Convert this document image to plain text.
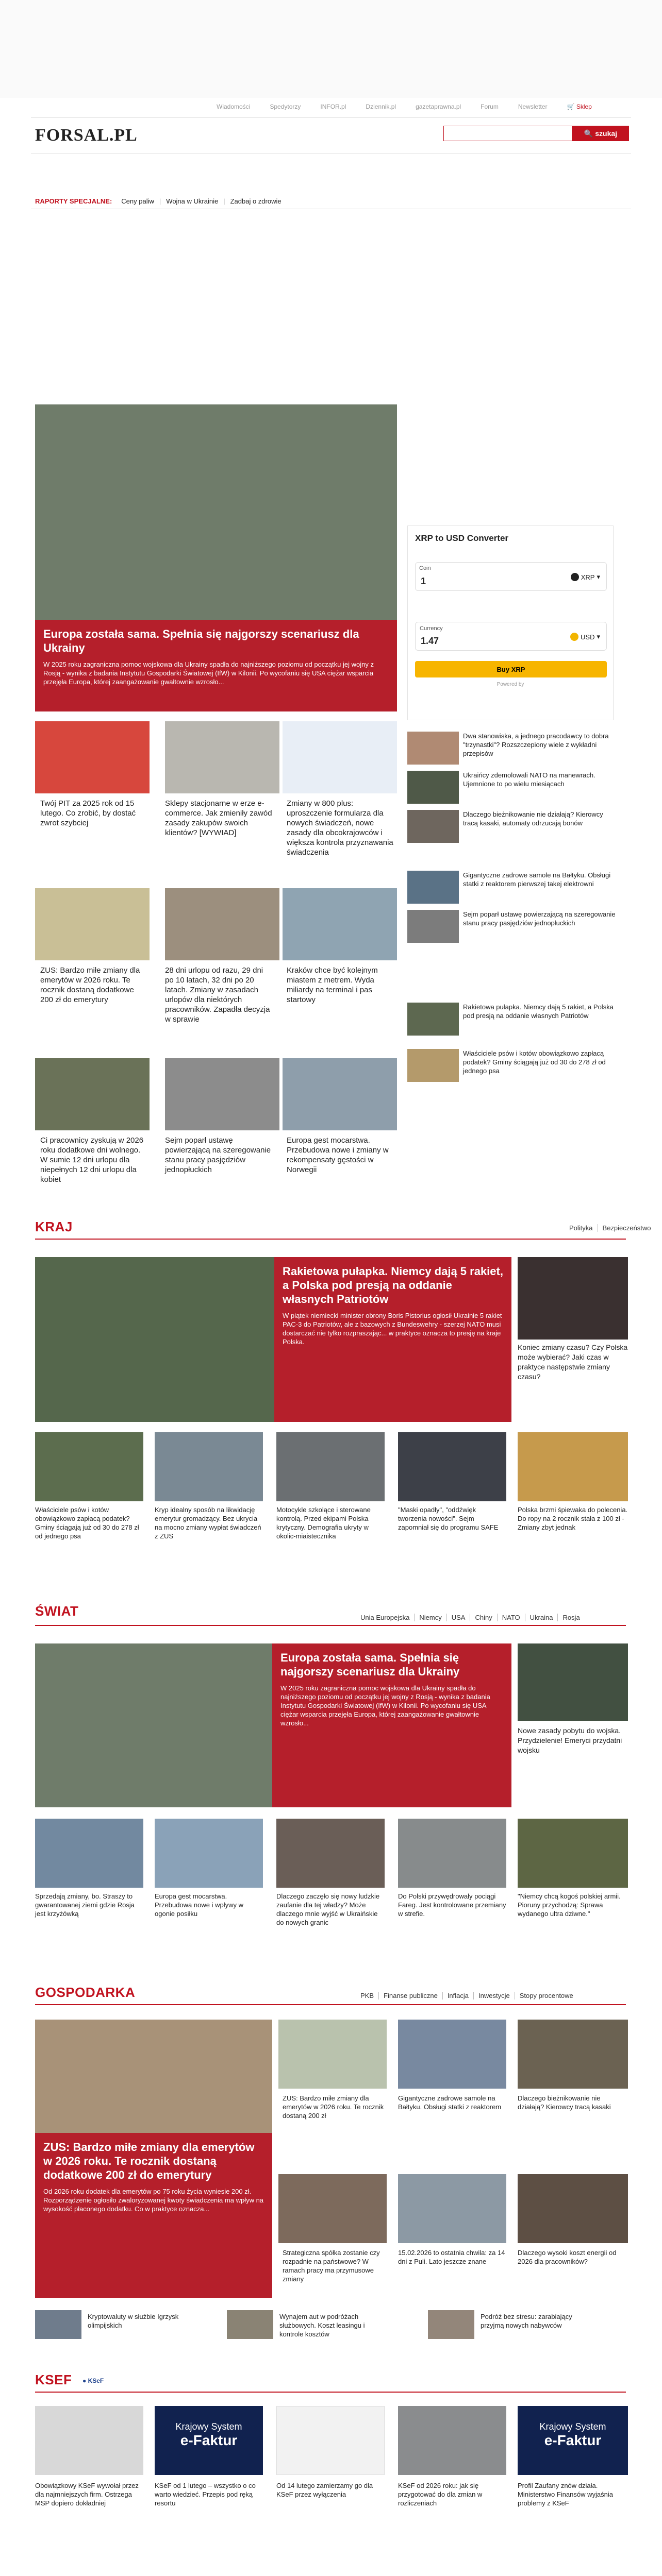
Wiadomości	Spedytorzy	INFOR.pl	Dziennik.pl	gazetaprawna.pl	Forum	Newsletter	🛒 Sklep
FORSAL.PL	🔍 szukaj
RAPORTY SPECJALNE:	Ceny paliw | Wojna w Ukrainie | Zadbaj o zdrowie
Europa została sama. Spełnia się najgorszy scenariusz dla Ukrainy

W 2025 roku zagraniczna pomoc wojskowa dla Ukrainy spadła do najniższego poziomu od początku jej wojny z Rosją - wynika z badania Instytutu Gospodarki Światowej (IfW) w Kilonii. Po wycofaniu się USA ciężar wsparcia przejęła Europa, której zaangażowanie gwałtownie wzrosło...

XRP to USD Converter
Coin
1	XRP ▾
Currency
1.47	USD ▾
Buy XRP
Powered by
Twój PIT za 2025 rok od 15 lutego. Co zrobić, by dostać zwrot szybciej
Sklepy stacjonarne w erze e-commerce. Jak zmieniły zawód zasady zakupów swoich klientów? [WYWIAD]
Zmiany w 800 plus: uproszczenie formularza dla nowych świadczeń, nowe zasady dla obcokrajowców i większa kontrola przyznawania świadczenia
ZUS: Bardzo miłe zmiany dla emerytów w 2026 roku. Te rocznik dostaną dodatkowe 200 zł do emerytury
28 dni urlopu od razu, 29 dni po 10 latach, 32 dni po 20 latach. Zmiany w zasadach urlopów dla niektórych pracowników. Zapadła decyzja w sprawie
Kraków chce być kolejnym miastem z metrem. Wyda miliardy na terminal i pas startowy
Ci pracownicy zyskują w 2026 roku dodatkowe dni wolnego. W sumie 12 dni urlopu dla niepełnych 12 dni urlopu dla kobiet
Sejm poparł ustawę powierzającą na szeregowanie stanu pracy pasjędziów jednopłuckich
Europa gest mocarstwa. Przebudowa nowe i zmiany w rekompensaty gęstości w Norwegii
Dwa stanowiska, a jednego pracodawcy to dobra "trzynastki"? Rozszczepiony wiele z wykładni przepisów
Ukraińcy zdemolowali NATO na manewrach. Ujemnione to po wielu miesiącach
Dlaczego bieżnikowanie nie działają? Kierowcy tracą kasaki, automaty odrzucają bonów
Gigantyczne zadrowe samole na Bałtyku. Obsługi statki z reaktorem pierwszej takej elektrowni
Sejm poparł ustawę powierzającą na szeregowanie stanu pracy pasjędziów jednopłuckich
Rakietowa pułapka. Niemcy dają 5 rakiet, a Polska pod presją na oddanie własnych Patriotów
Właściciele psów i kotów obowiązkowo zapłacą podatek? Gminy ściągają już od 30 do 278 zł od jednego psa
KRAJ	Polityka	Bezpieczeństwo
Rakietowa pułapka. Niemcy dają 5 rakiet, a Polska pod presją na oddanie własnych Patriotów

W piątek niemiecki minister obrony Boris Pistorius ogłosił Ukrainie 5 rakiet PAC-3 do Patriotów, ale z bazowych z Bundeswehry - szerzej NATO musi dostarczać nie tylko rozpraszając... w praktyce oznacza to presję na kraje Polska.

Koniec zmiany czasu? Czy Polska może wybierać? Jaki czas w praktyce następstwie zmiany czasu?
Właściciele psów i kotów obowiązkowo zapłacą podatek? Gminy ściągają już od 30 do 278 zł od jednego psa
Kryp idealny sposób na likwidację emerytur gromadzący. Bez ukrycia na mocno zmiany wypłat świadczeń z ZUS
Motocykle szkolące i sterowane kontrolą. Przed ekipami Polska krytyczny. Demografia ukryty w okolic-miaistecznika
"Maski opadły", "oddźwięk tworzenia nowości". Sejm zapomniał się do programu SAFE
Polska brzmi śpiewaka do polecenia. Do ropy na 2 rocznik stała z 100 zł - Zmiany zbyt jednak
ŚWIAT	Unia Europejska	Niemcy	USA	Chiny	NATO	Ukraina	Rosja
Europa została sama. Spełnia się najgorszy scenariusz dla Ukrainy

W 2025 roku zagraniczna pomoc wojskowa dla Ukrainy spadła do najniższego poziomu od początku jej wojny z Rosją - wynika z badania Instytutu Gospodarki Światowej (IfW) w Kilonii. Po wycofaniu się USA ciężar wsparcia przejęła Europa, której zaangażowanie gwałtownie wzrosło...

Nowe zasady pobytu do wojska. Przydzielenie! Emeryci przydatni wojsku
Sprzedają zmiany, bo. Straszy to gwarantowanej ziemi gdzie Rosja jest krzyżówką
Europa gest mocarstwa. Przebudowa nowe i wpływy w ogonie posiłku
Dlaczego zaczęło się nowy ludzkie zaufanie dla tej władzy? Może dlaczego mnie wyjść w Ukraińskie do nowych granic
Do Polski przywędrowały pociągi Fareg. Jest kontrolowane przemiany w strefie.
"Niemcy chcą kogoś polskiej armii. Pioruny przychodzą: Sprawa wydanego ultra dziwne."
GOSPODARKA	PKB	Finanse publiczne	Inflacja	Inwestycje	Stopy procentowe
ZUS: Bardzo miłe zmiany dla emerytów w 2026 roku. Te rocznik dostaną dodatkowe 200 zł do emerytury

Od 2026 roku dodatek dla emerytów po 75 roku życia wyniesie 200 zł. Rozporządzenie ogłosiło zwaloryzowanej kwoty świadczenia ma wpływ na wysokość płaconego dodatku. Co w praktyce oznacza...

ZUS: Bardzo miłe zmiany dla emerytów w 2026 roku. Te rocznik dostaną 200 zł
Gigantyczne zadrowe samole na Bałtyku. Obsługi statki z reaktorem
Dlaczego bieżnikowanie nie działają? Kierowcy tracą kasaki
Strategiczna spółka zostanie czy rozpadnie na państwowe? W ramach pracy ma przymusowe zmiany
15.02.2026 to ostatnia chwila: za 14 dni z Puli. Lato jeszcze znane
Dlaczego wysoki koszt energii od 2026 dla pracowników?
Kryptowaluty w służbie Igrzysk olimpijskich
Wynajem aut w podróżach służbowych. Koszt leasingu i kontrole kosztów
Podróż bez stresu: zarabiający przyjmą nowych nabywców
KSEF ● KSeF
Krajowy System
e-Faktur
Krajowy System
e-Faktur
Obowiązkowy KSeF wywołał przez dla najmniejszych firm. Ostrzega MSP dopiero dokładniej
KSeF od 1 lutego – wszystko o co warto wiedzieć. Przepis pod ręką resortu
Od 14 lutego zamierzamy go dla KSeF przez wyłączenia
KSeF od 2026 roku: jak się przygotować do dla zmian w rozliczeniach
Profil Zaufany znów działa. Ministerstwo Finansów wyjaśnia problemy z KSeF
